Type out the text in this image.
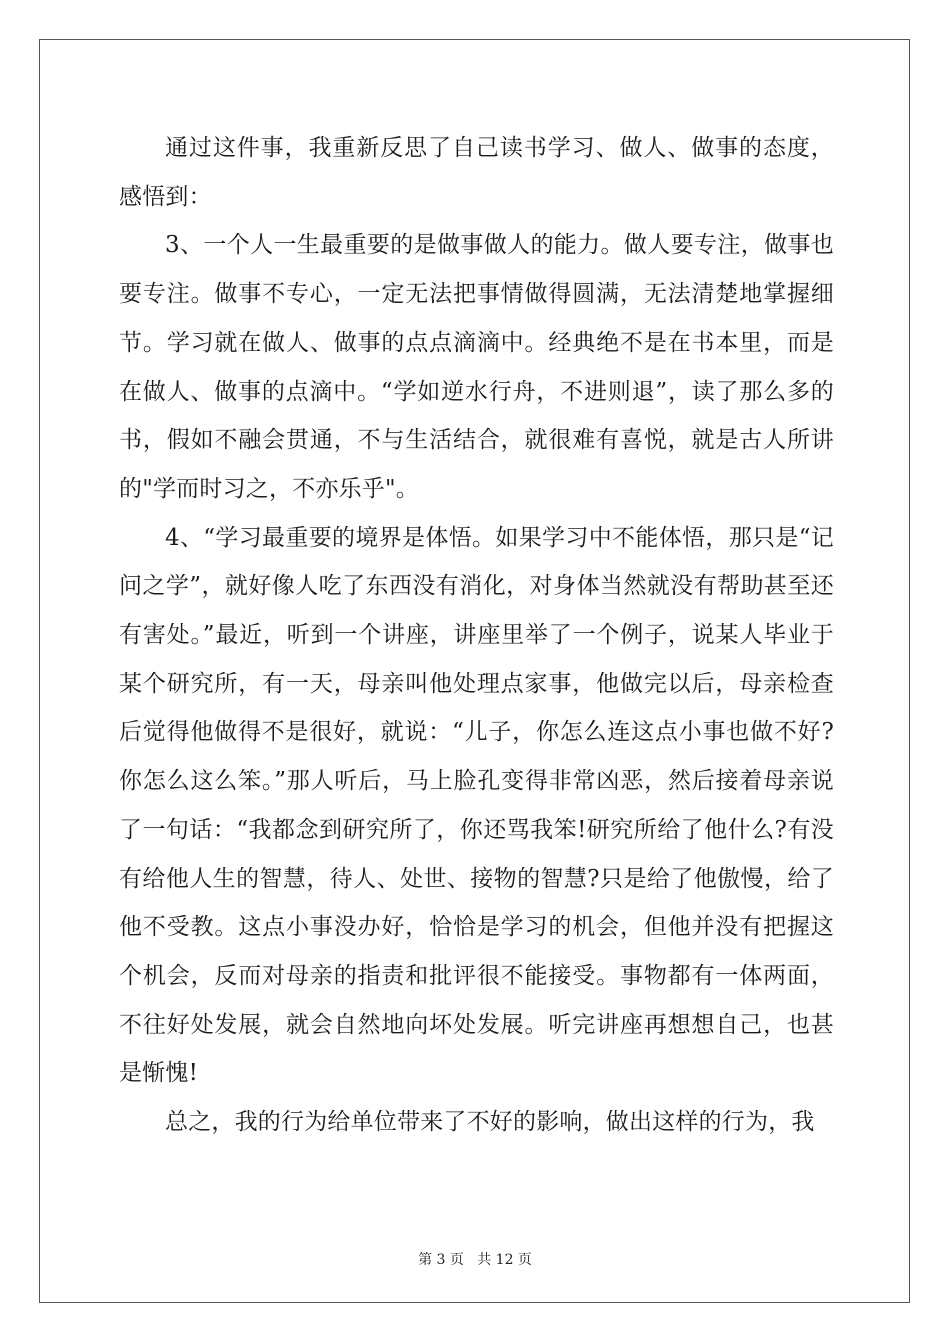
通过这件事，我重新反思了自己读书学习、做人、做事的态度，感悟到：

3、一个人一生最重要的是做事做人的能力。做人要专注，做事也要专注。做事不专心，一定无法把事情做得圆满，无法清楚地掌握细节。学习就在做人、做事的点点滴滴中。经典绝不是在书本里，而是在做人、做事的点滴中。“学如逆水行舟，不进则退”，读了那么多的书，假如不融会贯通，不与生活结合，就很难有喜悦，就是古人所讲的"学而时习之，不亦乐乎"。

4、“学习最重要的境界是体悟。如果学习中不能体悟，那只是“记问之学”，就好像人吃了东西没有消化，对身体当然就没有帮助甚至还有害处。”最近，听到一个讲座，讲座里举了一个例子，说某人毕业于某个研究所，有一天，母亲叫他处理点家事，他做完以后，母亲检查后觉得他做得不是很好，就说：“儿子，你怎么连这点小事也做不好?你怎么这么笨。”那人听后，马上脸孔变得非常凶恶，然后接着母亲说了一句话：“我都念到研究所了，你还骂我笨!研究所给了他什么?有没有给他人生的智慧，待人、处世、接物的智慧?只是给了他傲慢，给了他不受教。这点小事没办好，恰恰是学习的机会，但他并没有把握这个机会，反而对母亲的指责和批评很不能接受。事物都有一体两面，不往好处发展，就会自然地向坏处发展。听完讲座再想想自己，也甚是惭愧!

总之，我的行为给单位带来了不好的影响，做出这样的行为，我

第 3 页   共 12 页
